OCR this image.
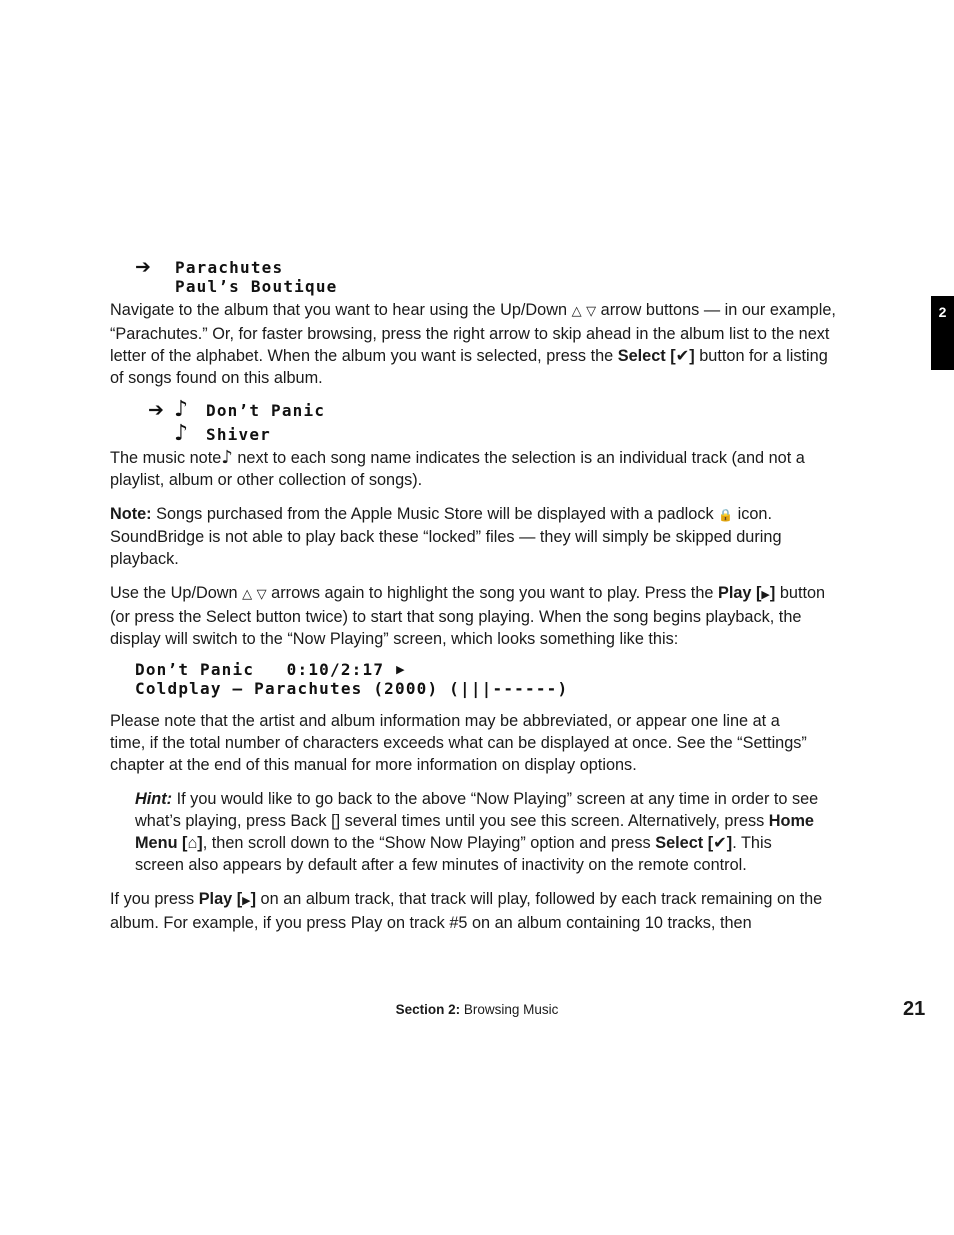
2
➔	Parachutes
Paul’s Boutique

Navigate to the album that you want to hear using the Up/Down △ ▽ arrow buttons — in our example, “Parachutes.” Or, for faster browsing, press the right arrow to skip ahead in the album list to the next letter of the alphabet. When the album you want is selected, press the Select [✔] button for a listing of songs found on this album.

➔ ♪	Don’t Panic
♪	Shiver

The music note♪ next to each song name indicates the selection is an individual track (and not a playlist, album or other collection of songs).

Note: Songs purchased from the Apple Music Store will be displayed with a padlock 🔒 icon. SoundBridge is not able to play back these “locked” files — they will simply be skipped during playback.

Use the Up/Down △ ▽ arrows again to highlight the song you want to play. Press the Play [▶] button (or press the Select button twice) to start that song playing. When the song begins playback, the display will switch to the “Now Playing” screen, which looks something like this:

Don’t Panic   0:10/2:17 ▶
Coldplay – Parachutes (2000) (|||------)

Please note that the artist and album information may be abbreviated, or appear one line at a time, if the total number of characters exceeds what can be displayed at once. See the “Settings” chapter at the end of this manual for more information on display options.

Hint: If you would like to go back to the above “Now Playing” screen at any time in order to see what’s playing, press Back [] several times until you see this screen. Alternatively, press Home Menu [⌂], then scroll down to the “Show Now Playing” option and press Select [✔]. This screen also appears by default after a few minutes of inactivity on the remote control.

If you press Play [▶] on an album track, that track will play, followed by each track remaining on the album. For example, if you press Play on track #5 on an album containing 10 tracks, then

Section 2: Browsing Music	21
